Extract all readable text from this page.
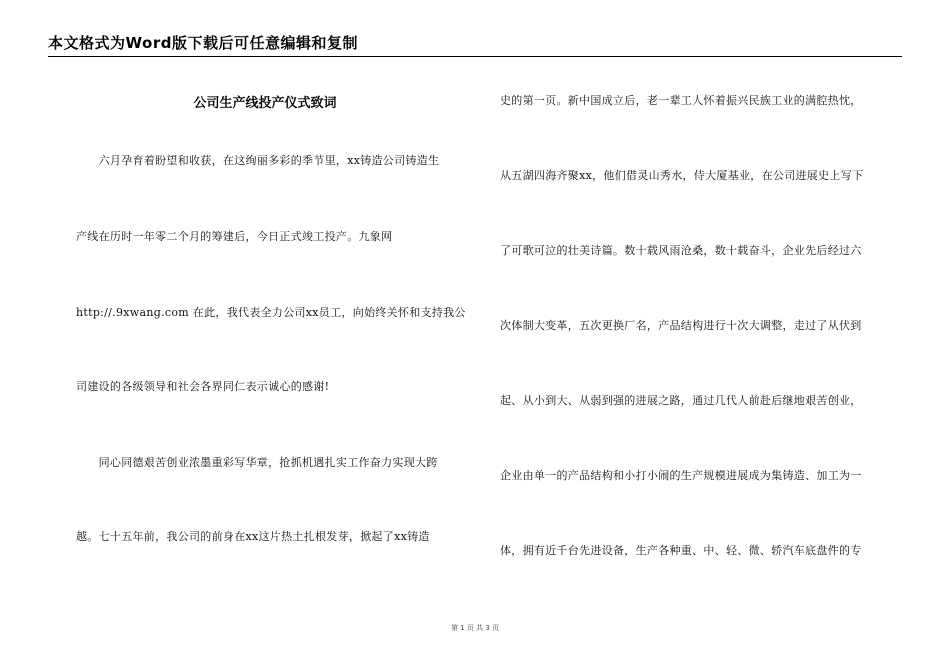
本文格式为Word版下载后可任意编辑和复制
公司生产线投产仪式致词
　　六月孕育着盼望和收获，在这绚丽多彩的季节里，xx铸造公司铸造生
产线在历时一年零二个月的筹建后，今日正式竣工投产。九象网
http://.9xwang.com 在此，我代表全力公司xx员工，向始终关怀和支持我公
司建设的各级领导和社会各界同仁表示诚心的感谢!
　　同心同德艰苦创业浓墨重彩写华章，抢抓机遇扎实工作奋力实现大跨
越。七十五年前，我公司的前身在xx这片热土扎根发芽，掀起了xx铸造
史的第一页。新中国成立后，老一辈工人怀着振兴民族工业的满腔热忱，
从五湖四海齐聚xx，他们借灵山秀水，侍大厦基业，在公司进展史上写下
了可歌可泣的壮美诗篇。数十载风雨沧桑，数十载奋斗，企业先后经过六
次体制大变革，五次更换厂名，产品结构进行十次大调整，走过了从伏到
起、从小到大、从弱到强的进展之路，通过几代人前赴后继地艰苦创业，
企业由单一的产品结构和小打小闹的生产规模进展成为集铸造、加工为一
体，拥有近千台先进设备，生产各种重、中、轻、微、轿汽车底盘件的专
第 1 页 共 3 页
